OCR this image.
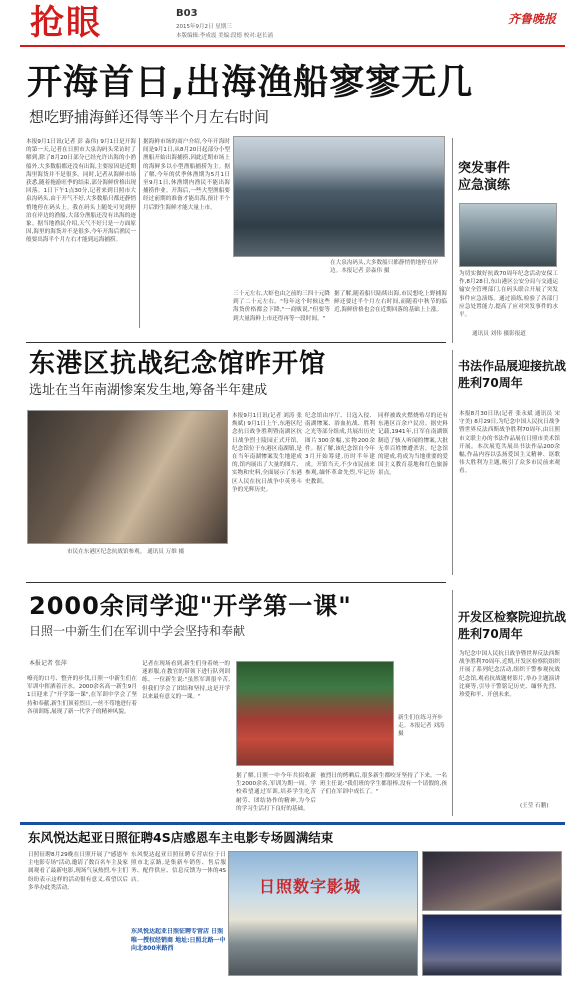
抢眼	B03
2015年9月2日 星期三
本版编辑:李成震 美编:段德 校对:赵长涌
齐鲁晚报
开海首日,出海渔船寥寥无几
想吃野捕海鲜还得等半个月左右时间
本报9月1日讯(记者 彭 淼伟) 9月1日是开海的第一天,记者在日照市大泉沟码头采访时了解到,除了8月20日部分已经允许出海的小渔船外,大多数船都还没有出海,主要原因是近期海里海货并不是很多。同时,记者从海鲜市场获悉,随着拖游旺季的结束,部分海鲜价格出现回落。1日下午1点30分,记者来到日照市大泉沟码头,由于开气不好,大多数船只都还静悄悄地停在码头上。我在码头上随处可见到停泊在岸边的渔船,大部分渔船还没有出海的迹象。据当地渔民介绍,天气不好只是一方面原因,海里的海货并不是很多,今年开海后渔民一般要出海半个月左右才能到远海捕捞。
据海鲜市场的商户介绍,今年开海时间是9月1日,从8月20日起部分小型渔船开始出海捕捞,因此近期市场上的海鲜多以小型渔船捕捞为主。据了解,今年的伏季休渔期为5月1日至9月1日,休渔期内渔民不能出海捕捞作业。开海后,一些大型渔船要经过前期的准备才能出海,预计半个月后野生海鲜才能大量上市。
在大泉沟码头,大多数船只都静悄悄地停在岸边。本报记者 彭淼伟 摄
三十元左右,大虾也由之前的三四十元降到了二十元左右。"每年这个时候这些海货价格都会下降,"一商贩说,"但要等到大量海鲜上市还得再等一段时间。"
据了解,随着船只陆续出海,市民想吃上野捕海鲜还要过半个月左右时间,而随着中秋节的临近,海鲜价格也会在近期回落的基础上上涨。
突发事件应急演练
为切实做好抗战70周年纪念活动安保工作,8月28日,东山港区公安分局与交通运输安全管理部门,在码头联合开展了突发事件应急演练。通过演练,检验了各部门应急处置能力,提高了应对突发事件的水平。
通讯员 刘伟 摄影报道
东港区抗战纪念馆昨开馆
选址在当年南湖惨案发生地,筹备半年建成
市民在东港区纪念抗战馆参观。 通讯员 万维 摄
本报9月1日讯(记者 刘涛 张焕斌) 9月1日上午,东港区纪念抗日战争胜利暨南湖区抗日战争烈士陵园正式开馆。纪念馆位于东港区南湖镇,是在当年南湖惨案发生地建成的,馆内展出了大量的图片、实物和史料,全面展示了东港区人民在抗日战争中英勇斗争的光辉历史。
纪念馆由序厅、日寇入侵、南湖惨案、浴血抗战、胜利之光等部分组成,共展出历史图片300余幅,实物200余件。据了解,该纪念馆自今年3月开始筹建,历时半年建成。开馆当天,不少市民前来参观,缅怀革命先烈,牢记历史教训。
同样被战火燃烧殆尽的还有东港区百余户民房。据史料记载,1941年,日军在南湖镇制造了骇人听闻的惨案,大批无辜百姓惨遭杀害。纪念馆的建成,将成为当地重要的爱国主义教育基地和红色旅游景点。
书法作品展迎接抗战胜利70周年
本报8月30日讯(记者 张永斌 通讯员 宋守美) 8月29日,为纪念中国人民抗日战争暨世界反法西斯战争胜利70周年,由日照市文联主办的书法作品展在日照市美术馆开展。本次展览共展出书法作品200余幅,作品内容以弘扬爱国主义精神、讴歌伟大胜利为主题,吸引了众多市民前来观看。
2000余同学迎"开学第一课"
日照一中新生们在军训中学会坚持和奉献
本报记者 张萍
嘹亮的口号、整齐的步伐,日照一中新生们在军训中挥洒着汗水。2000余名高一新生9月1日迎来了"开学第一课",在军训中学会了坚持和奉献,新生们顶着烈日,一丝不苟地进行着各项训练,展现了新一代学子的精神风貌。
记者在现场看到,新生们身着统一的迷彩服,在教官的带领下进行队列训练。一位新生说:"虽然军训很辛苦,但我们学会了团结和坚持,这是开学以来最有意义的一课。"
新生们在练习齐步走。本报记者 刘涛 摄
据了解,日照一中今年共招收新生2000余名,军训为期一周。学校希望通过军训,培养学生吃苦耐劳、团结协作的精神,为今后的学习生活打下良好的基础。
被烈日的烤晒后,很多新生都咬牙坚持了下来。一名班主任说:"我们班的学生都很棒,没有一个请假的,孩子们在军训中成长了。"
开发区检察院迎抗战胜利70周年
为纪念中国人民抗日战争暨世界反法西斯战争胜利70周年,近期,开发区检察院组织开展了系列纪念活动,组织干警参观抗战纪念馆,观看抗战题材影片,举办主题演讲比赛等,引导干警铭记历史、缅怀先烈、珍爱和平、开创未来。
(王莹 石鹏)
东风悦达起亚日照征聘4S店感恩车主电影专场圆满结束
日照征聘8月29晚在日照开展了"感恩车主电影专场"活动,邀请了数百名车主及家属观看了最新电影,现场气氛热烈,车主们纷纷表示这样的活动很有意义,希望以后多举办此类活动。
东风悦达起亚日照征聘专营店位于日照市北京路,是集新车销售、售后服务、配件供应、信息反馈为一体的4S店。
东风悦达起亚日照征聘专营店 日照唯一授权经销商 地址:日照北路一中向北800米路西
日照数字影城
